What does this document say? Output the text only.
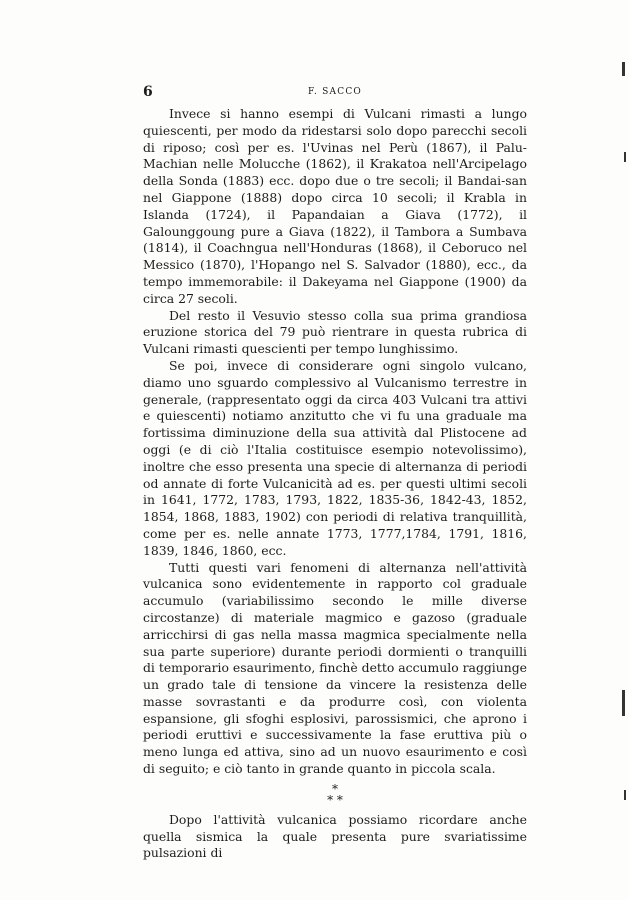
6	F. SACCO

Invece si hanno esempi di Vulcani rimasti a lungo quiescenti, per modo da ridestarsi solo dopo parecchi secoli di riposo; così per es. l'Uvinas nel Perù (1867), il Palu-Machian nelle Molucche (1862), il Krakatoa nell'Arcipelago della Sonda (1883) ecc. dopo due o tre secoli; il Bandai-san nel Giappone (1888) dopo circa 10 secoli; il Krabla in Islanda (1724), il Papandaian a Giava (1772), il Galounggoung pure a Giava (1822), il Tambora a Sumbava (1814), il Coachngua nell'Honduras (1868), il Ceboruco nel Messico (1870), l'Hopango nel S. Salvador (1880), ecc., da tempo immemorabile: il Dakeyama nel Giappone (1900) da circa 27 secoli.

Del resto il Vesuvio stesso colla sua prima grandiosa eruzione storica del 79 può rientrare in questa rubrica di Vulcani rimasti quescienti per tempo lunghissimo.

Se poi, invece di considerare ogni singolo vulcano, diamo uno sguardo complessivo al Vulcanismo terrestre in generale, (rappresentato oggi da circa 403 Vulcani tra attivi e quiescenti) notiamo anzitutto che vi fu una graduale ma fortissima diminuzione della sua attività dal Plistocene ad oggi (e di ciò l'Italia costituisce esempio notevolissimo), inoltre che esso presenta una specie di alternanza di periodi od annate di forte Vulcanicità ad es. per questi ultimi secoli in 1641, 1772, 1783, 1793, 1822, 1835-36, 1842-43, 1852, 1854, 1868, 1883, 1902) con periodi di relativa tranquillità, come per es. nelle annate 1773, 1777,1784, 1791, 1816, 1839, 1846, 1860, ecc.

Tutti questi vari fenomeni di alternanza nell'attività vulcanica sono evidentemente in rapporto col graduale accumulo (variabilissimo secondo le mille diverse circostanze) di materiale magmico e gazoso (graduale arricchirsi di gas nella massa magmica specialmente nella sua parte superiore) durante periodi dormienti o tranquilli di temporario esaurimento, finchè detto accumulo raggiunge un grado tale di tensione da vincere la resistenza delle masse sovrastanti e da produrre così, con violenta espansione, gli sfoghi esplosivi, parossismici, che aprono i periodi eruttivi e successivamente la fase eruttiva più o meno lunga ed attiva, sino ad un nuovo esaurimento e così di seguito; e ciò tanto in grande quanto in piccola scala.

*
* *

Dopo l'attività vulcanica possiamo ricordare anche quella sismica la quale presenta pure svariatissime pulsazioni di
